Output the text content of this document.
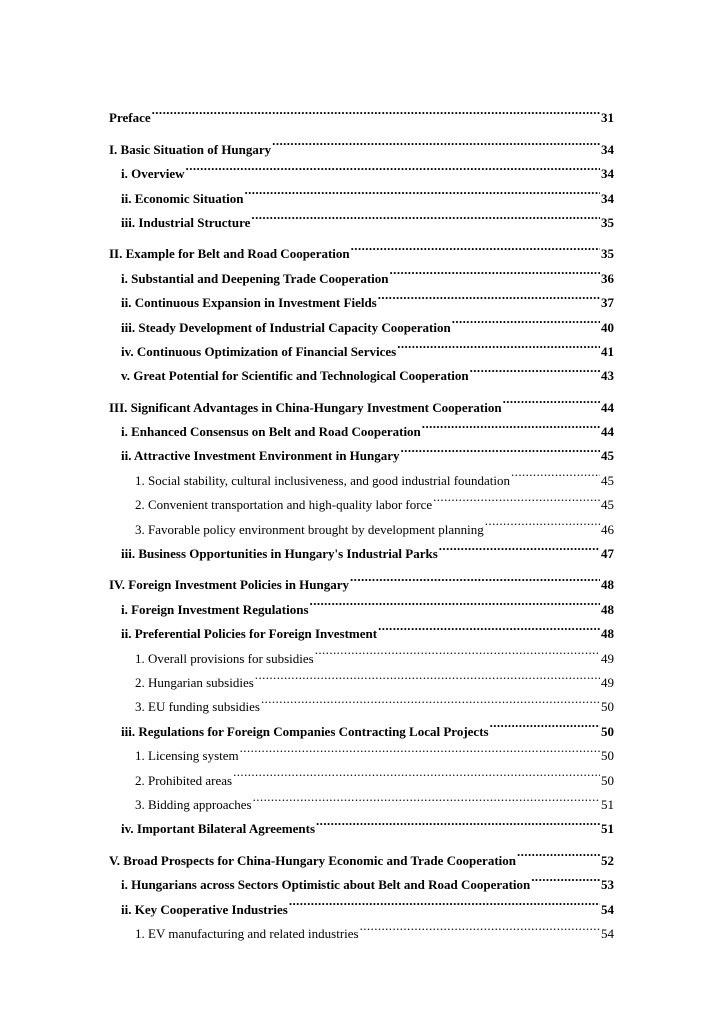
Preface .....	31
I. Basic Situation of Hungary .....	34
i. Overview .....	34
ii. Economic Situation .....	34
iii. Industrial Structure .....	35
II. Example for Belt and Road Cooperation .....	35
i. Substantial and Deepening Trade Cooperation .....	36
ii. Continuous Expansion in Investment Fields .....	37
iii. Steady Development of Industrial Capacity Cooperation .....	40
iv. Continuous Optimization of Financial Services .....	41
v. Great Potential for Scientific and Technological Cooperation .....	43
III. Significant Advantages in China-Hungary Investment Cooperation .....	44
i. Enhanced Consensus on Belt and Road Cooperation .....	44
ii. Attractive Investment Environment in Hungary .....	45
1. Social stability, cultural inclusiveness, and good industrial foundation .....	45
2. Convenient transportation and high-quality labor force .....	45
3. Favorable policy environment brought by development planning .....	46
iii. Business Opportunities in Hungary's Industrial Parks .....	47
IV. Foreign Investment Policies in Hungary .....	48
i. Foreign Investment Regulations .....	48
ii. Preferential Policies for Foreign Investment .....	48
1. Overall provisions for subsidies .....	49
2. Hungarian subsidies .....	49
3. EU funding subsidies .....	50
iii. Regulations for Foreign Companies Contracting Local Projects .....	50
1. Licensing system .....	50
2. Prohibited areas .....	50
3. Bidding approaches .....	51
iv. Important Bilateral Agreements .....	51
V. Broad Prospects for China-Hungary Economic and Trade Cooperation .....	52
i. Hungarians across Sectors Optimistic about Belt and Road Cooperation .....	53
ii. Key Cooperative Industries .....	54
1. EV manufacturing and related industries .....	54
